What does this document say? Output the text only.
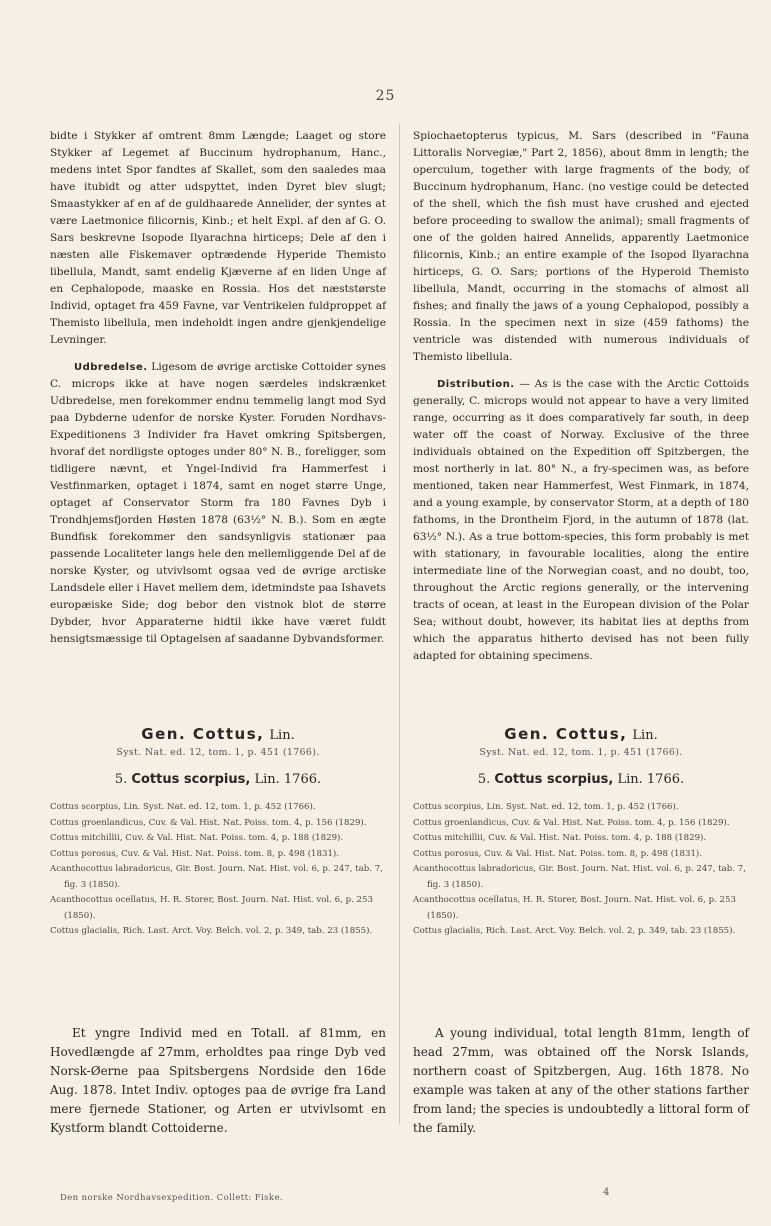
25

bidte i Stykker af omtrent 8mm Længde; Laaget og store Stykker af Legemet af Buccinum hydrophanum, Hanc., medens intet Spor fandtes af Skallet, som den saaledes maa have itubidt og atter udspyttet, inden Dyret blev slugt; Smaastykker af en af de guldhaarede Annelider, der syntes at være Laetmonice filicornis, Kinb.; et helt Expl. af den af G. O. Sars beskrevne Isopode Ilyarachna hirticeps; Dele af den i næsten alle Fiskemaver optrædende Hyperide Themisto libellula, Mandt, samt endelig Kjæverne af en liden Unge af en Cephalopode, maaske en Rossia. Hos det næststørste Individ, optaget fra 459 Favne, var Ventrikelen fuldproppet af Themisto libellula, men indeholdt ingen andre gjenkjendelige Levninger.

Udbredelse. Ligesom de øvrige arctiske Cottoider synes C. microps ikke at have nogen særdeles indskrænket Udbredelse, men forekommer endnu temmelig langt mod Syd paa Dybderne udenfor de norske Kyster. Foruden Nordhavs-Expeditionens 3 Individer fra Havet omkring Spitsbergen, hvoraf det nordligste optoges under 80° N. B., foreligger, som tidligere nævnt, et Yngel-Individ fra Hammerfest i Vestfinmarken, optaget i 1874, samt en noget større Unge, optaget af Conservator Storm fra 180 Favnes Dyb i Trondhjemsfjorden Høsten 1878 (63½° N. B.). Som en ægte Bundfisk forekommer den sandsynligvis stationær paa passende Localiteter langs hele den mellemliggende Del af de norske Kyster, og utvivlsomt ogsaa ved de øvrige arctiske Landsdele eller i Havet mellem dem, idetmindste paa Ishavets europæiske Side; dog bebor den vistnok blot de større Dybder, hvor Apparaterne hidtil ikke have været fuldt hensigtsmæssige til Optagelsen af saadanne Dybvandsformer.

Spiochaetopterus typicus, M. Sars (described in "Fauna Littoralis Norvegiæ," Part 2, 1856), about 8mm in length; the operculum, together with large fragments of the body, of Buccinum hydrophanum, Hanc. (no vestige could be detected of the shell, which the fish must have crushed and ejected before proceeding to swallow the animal); small fragments of one of the golden haired Annelids, apparently Laetmonice filicornis, Kinb.; an entire example of the Isopod Ilyarachna hirticeps, G. O. Sars; portions of the Hyperoid Themisto libellula, Mandt, occurring in the stomachs of almost all fishes; and finally the jaws of a young Cephalopod, possibly a Rossia. In the specimen next in size (459 fathoms) the ventricle was distended with numerous individuals of Themisto libellula.

Distribution. — As is the case with the Arctic Cottoids generally, C. microps would not appear to have a very limited range, occurring as it does comparatively far south, in deep water off the coast of Norway. Exclusive of the three individuals obtained on the Expedition off Spitzbergen, the most northerly in lat. 80° N., a fry-specimen was, as before mentioned, taken near Hammerfest, West Finmark, in 1874, and a young example, by conservator Storm, at a depth of 180 fathoms, in the Drontheim Fjord, in the autumn of 1878 (lat. 63½° N.). As a true bottom-species, this form probably is met with stationary, in favourable localities, along the entire intermediate line of the Norwegian coast, and no doubt, too, throughout the Arctic regions generally, or the intervening tracts of ocean, at least in the European division of the Polar Sea; without doubt, however, its habitat lies at depths from which the apparatus hitherto devised has not been fully adapted for obtaining specimens.

Gen. Cottus, Lin.
Syst. Nat. ed. 12, tom. 1, p. 451 (1766).
5. Cottus scorpius, Lin. 1766.
Cottus scorpius, Lin. Syst. Nat. ed. 12, tom. 1, p. 452 (1766).
Cottus groenlandicus, Cuv. & Val. Hist. Nat. Poiss. tom. 4, p. 156 (1829).
Cottus mitchillii, Cuv. & Val. Hist. Nat. Poiss. tom. 4, p. 188 (1829).
Cottus porosus, Cuv. & Val. Hist. Nat. Poiss. tom. 8, p. 498 (1831).
Acanthocottus labradoricus, Gir. Bost. Journ. Nat. Hist. vol. 6, p. 247, tab. 7, fig. 3 (1850).
Acanthocottus ocellatus, H. R. Storer, Bost. Journ. Nat. Hist. vol. 6, p. 253 (1850).
Cottus glacialis, Rich. Last. Arct. Voy. Belch. vol. 2, p. 349, tab. 23 (1855).
Et yngre Individ med en Totall. af 81mm, en Hovedlængde af 27mm, erholdtes paa ringe Dyb ved Norsk-Øerne paa Spitsbergens Nordside den 16de Aug. 1878. Intet Indiv. optoges paa de øvrige fra Land mere fjernede Stationer, og Arten er utvivlsomt en Kystform blandt Cottoiderne.
Gen. Cottus, Lin.
Syst. Nat. ed. 12, tom. 1, p. 451 (1766).
5. Cottus scorpius, Lin. 1766.
Cottus scorpius, Lin. Syst. Nat. ed. 12, tom. 1, p. 452 (1766).
Cottus groenlandicus, Cuv. & Val. Hist. Nat. Poiss. tom. 4, p. 156 (1829).
Cottus mitchillii, Cuv. & Val. Hist. Nat. Poiss. tom. 4, p. 188 (1829).
Cottus porosus, Cuv. & Val. Hist. Nat. Poiss. tom. 8, p. 498 (1831).
Acanthocottus labradoricus, Gir. Bost. Journ. Nat. Hist. vol. 6, p. 247, tab. 7, fig. 3 (1850).
Acanthocottus ocellatus, H. R. Storer, Bost. Journ. Nat. Hist. vol. 6, p. 253 (1850).
Cottus glacialis, Rich. Last. Arct. Voy. Belch. vol. 2, p. 349, tab. 23 (1855).
A young individual, total length 81mm, length of head 27mm, was obtained off the Norsk Islands, northern coast of Spitzbergen, Aug. 16th 1878. No example was taken at any of the other stations farther from land; the species is undoubtedly a littoral form of the family.
Den norske Nordhavsexpedition. Collett: Fiske.	4
